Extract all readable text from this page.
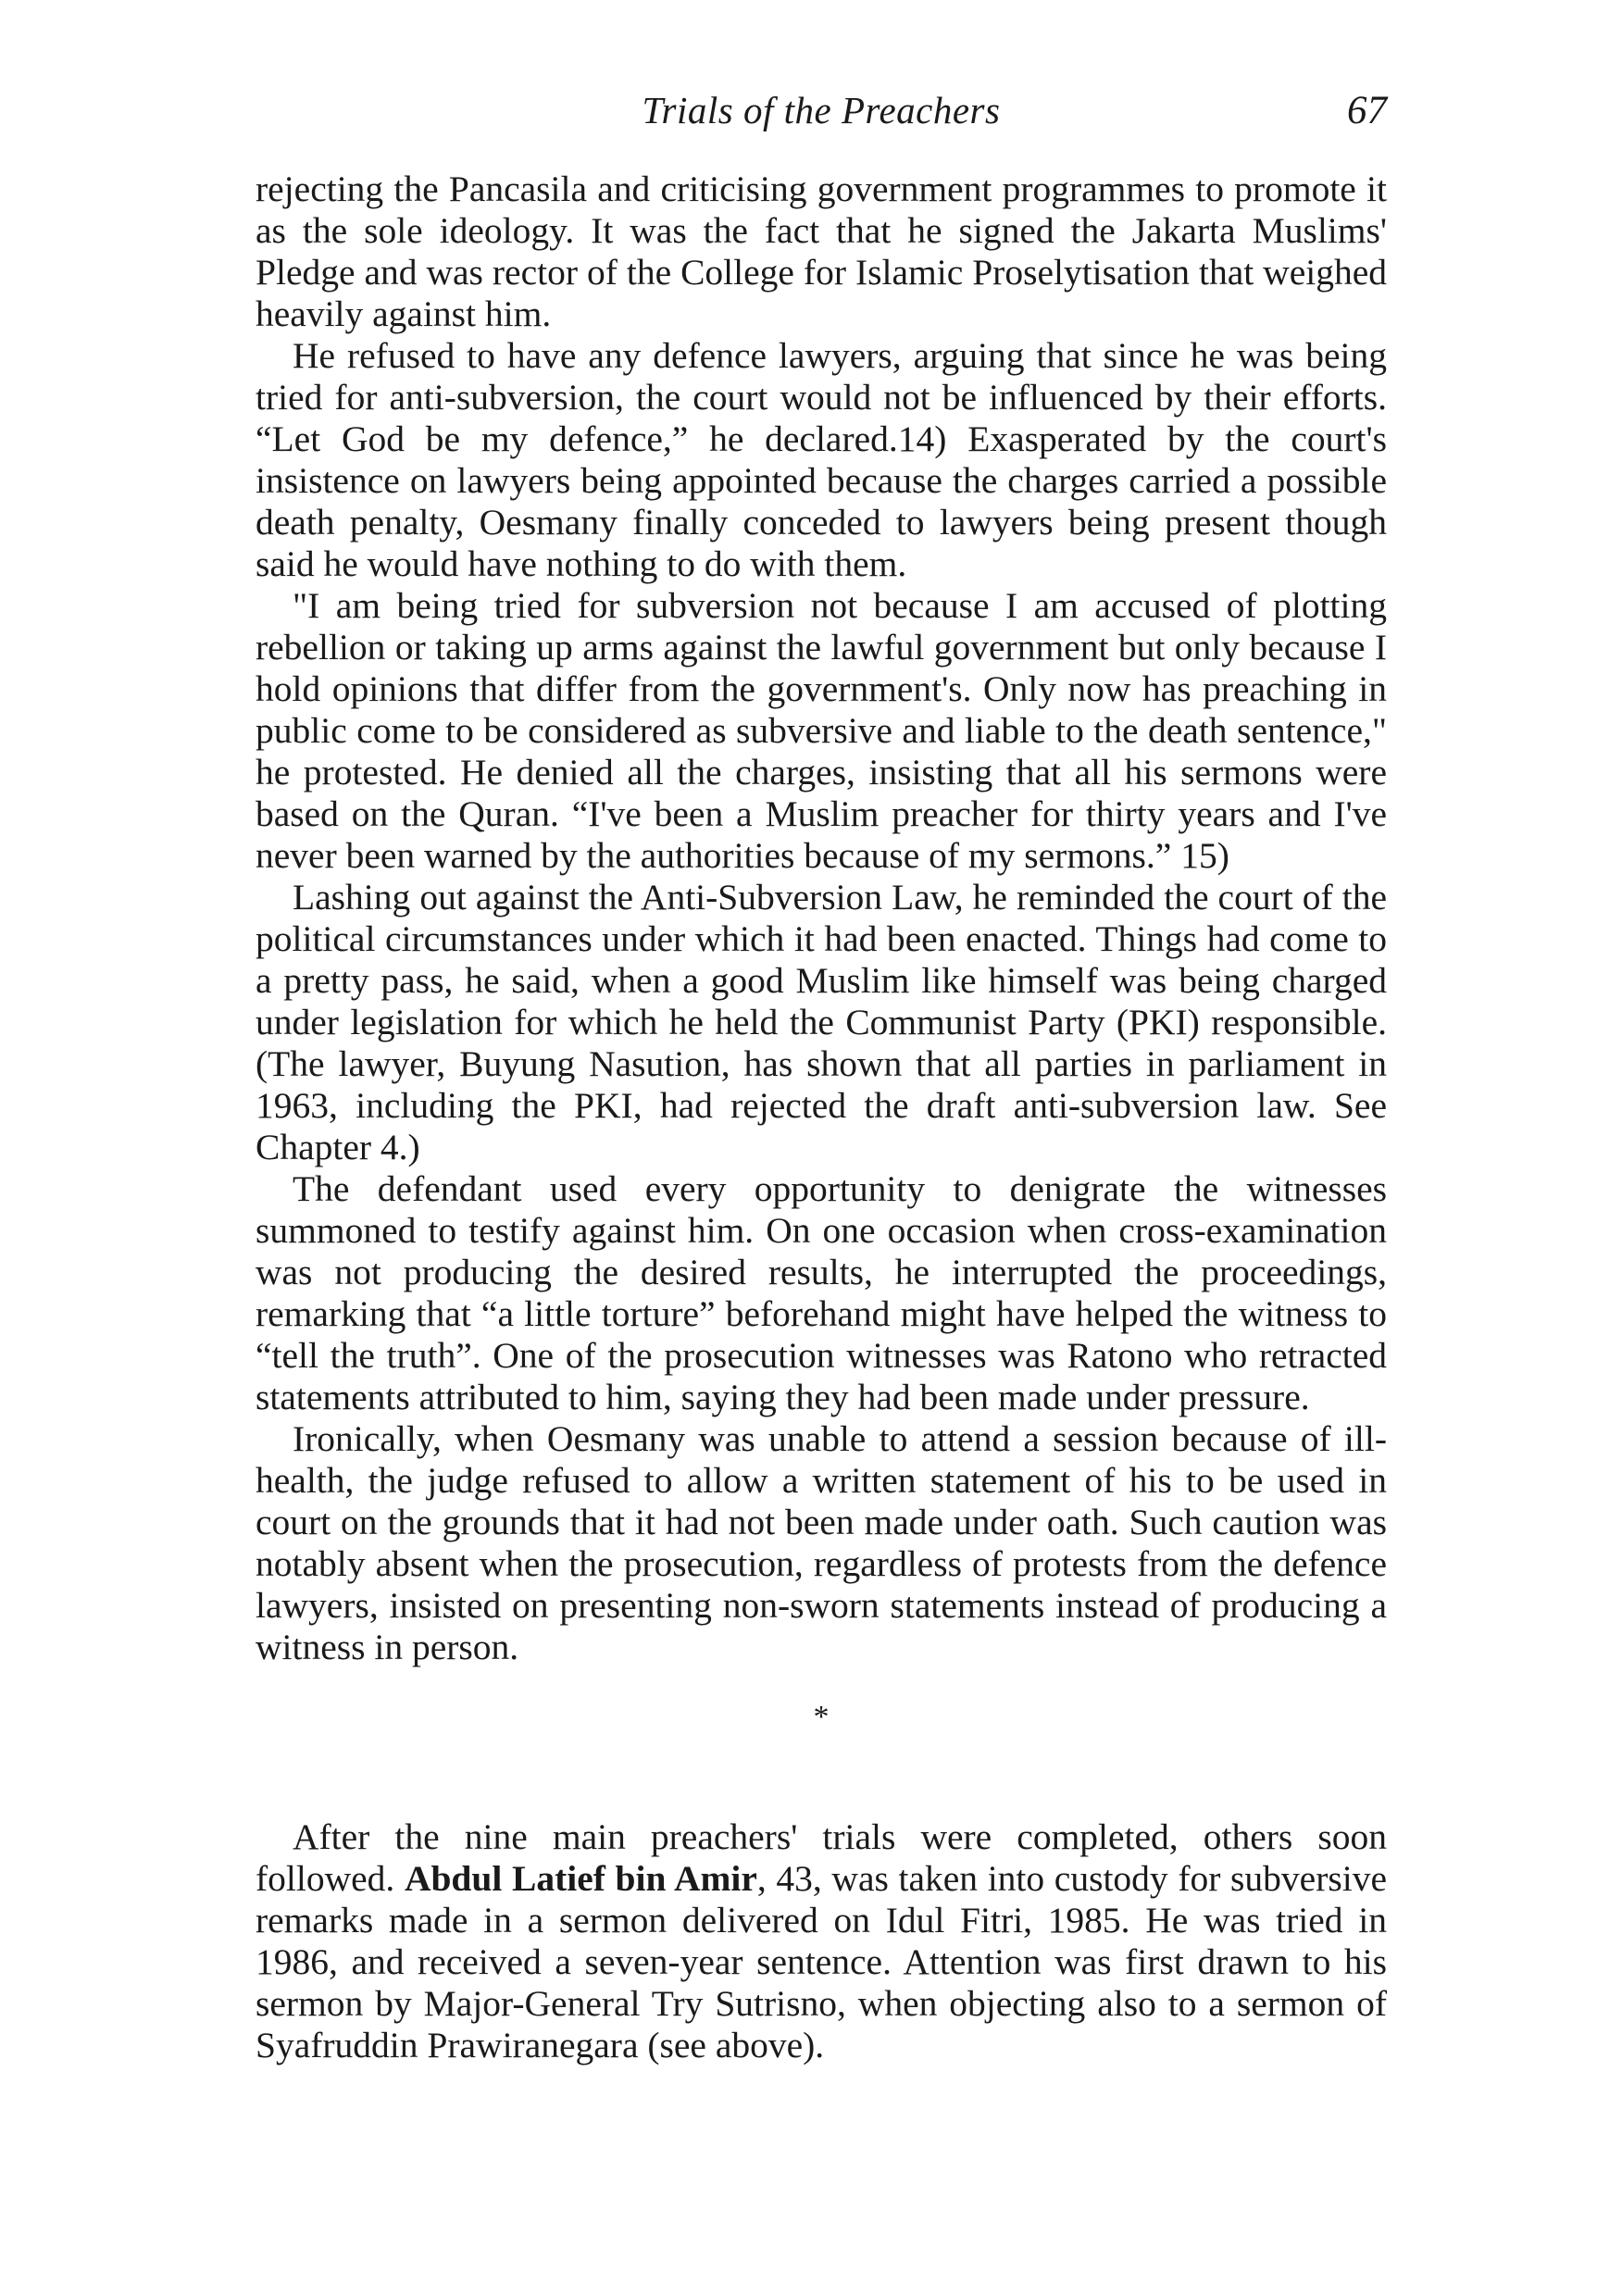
Trials of the Preachers	67

rejecting the Pancasila and criticising government programmes to promote it as the sole ideology. It was the fact that he signed the Jakarta Muslims' Pledge and was rector of the College for Islamic Proselytisation that weighed heavily against him.

He refused to have any defence lawyers, arguing that since he was being tried for anti-subversion, the court would not be influenced by their efforts. “Let God be my defence,” he declared.14) Exasperated by the court's insistence on lawyers being appointed because the charges carried a possible death penalty, Oesmany finally conceded to lawyers being present though said he would have nothing to do with them.

"I am being tried for subversion not because I am accused of plotting rebellion or taking up arms against the lawful government but only because I hold opinions that differ from the government's. Only now has preaching in public come to be considered as subversive and liable to the death sentence," he protested. He denied all the charges, insisting that all his sermons were based on the Quran. “I've been a Muslim preacher for thirty years and I've never been warned by the authorities because of my sermons.” 15)

Lashing out against the Anti-Subversion Law, he reminded the court of the political circumstances under which it had been enacted. Things had come to a pretty pass, he said, when a good Muslim like himself was being charged under legislation for which he held the Communist Party (PKI) responsible. (The lawyer, Buyung Nasution, has shown that all parties in parliament in 1963, including the PKI, had rejected the draft anti-subversion law. See Chapter 4.)

The defendant used every opportunity to denigrate the witnesses summoned to testify against him. On one occasion when cross-examination was not producing the desired results, he interrupted the proceedings, remarking that “a little torture” beforehand might have helped the witness to “tell the truth”. One of the prosecution witnesses was Ratono who retracted statements attributed to him, saying they had been made under pressure.

Ironically, when Oesmany was unable to attend a session because of ill-health, the judge refused to allow a written statement of his to be used in court on the grounds that it had not been made under oath. Such caution was notably absent when the prosecution, regardless of protests from the defence lawyers, insisted on presenting non-sworn statements instead of producing a witness in person.

*

After the nine main preachers' trials were completed, others soon followed. Abdul Latief bin Amir, 43, was taken into custody for subversive remarks made in a sermon delivered on Idul Fitri, 1985. He was tried in 1986, and received a seven-year sentence. Attention was first drawn to his sermon by Major-General Try Sutrisno, when objecting also to a sermon of Syafruddin Prawiranegara (see above).
